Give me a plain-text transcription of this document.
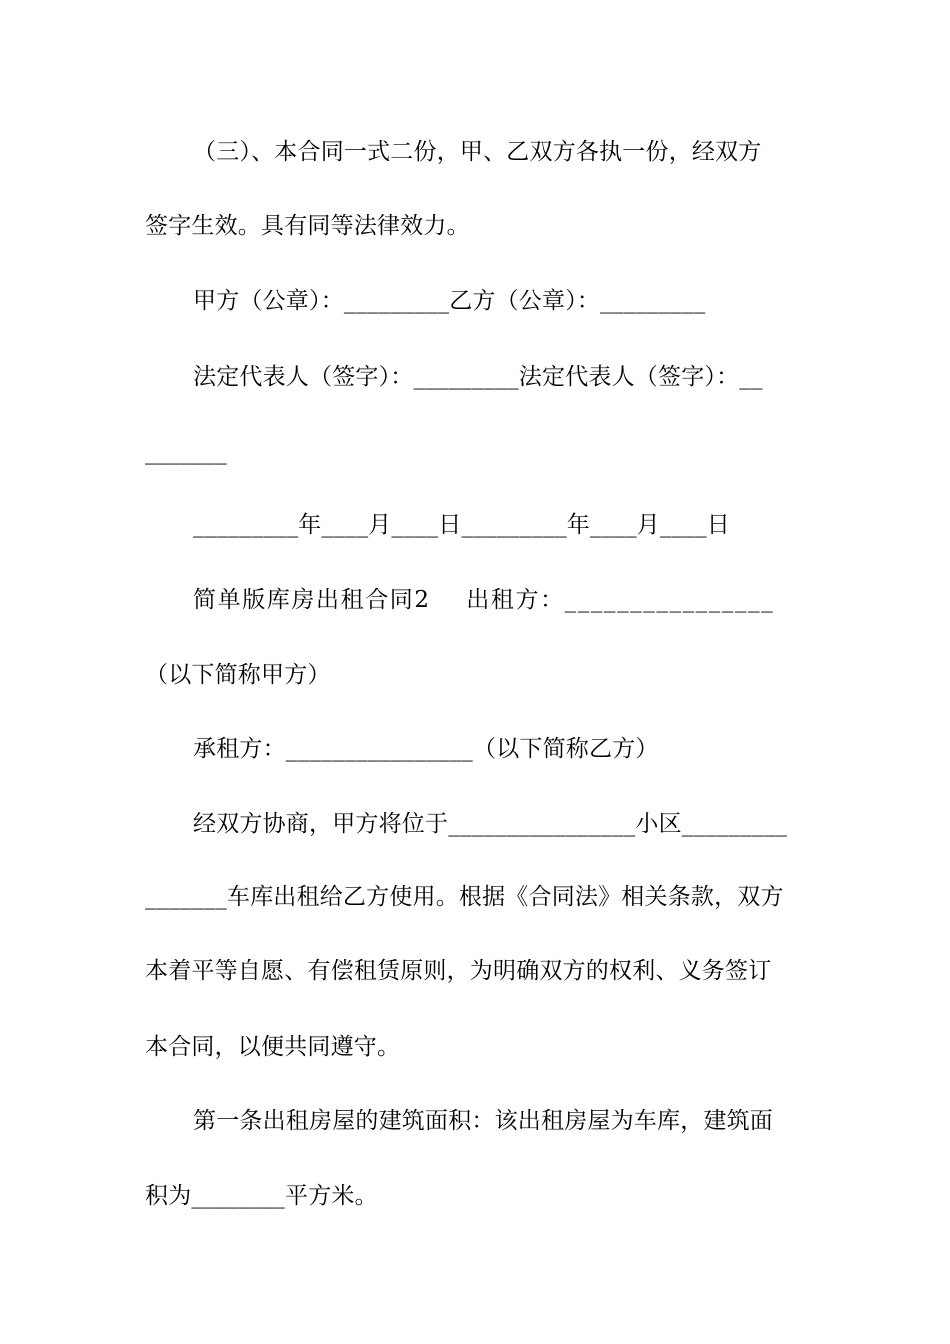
（三）、本合同一式二份，甲、乙双方各执一份，经双方
签字生效。具有同等法律效力。
甲方（公章）：_________乙方（公章）：_________
法定代表人（签字）：_________法定代表人（签字）：__
_______
_________年____月____日_________年____月____日
简单版库房出租合同2    出租方：________________
（以下简称甲方）
承租方：________________（以下简称乙方）
经双方协商，甲方将位于________________小区_________
_______车库出租给乙方使用。根据《合同法》相关条款，双方
本着平等自愿、有偿租赁原则，为明确双方的权利、义务签订
本合同，以便共同遵守。
第一条出租房屋的建筑面积：该出租房屋为车库，建筑面
积为________平方米。
